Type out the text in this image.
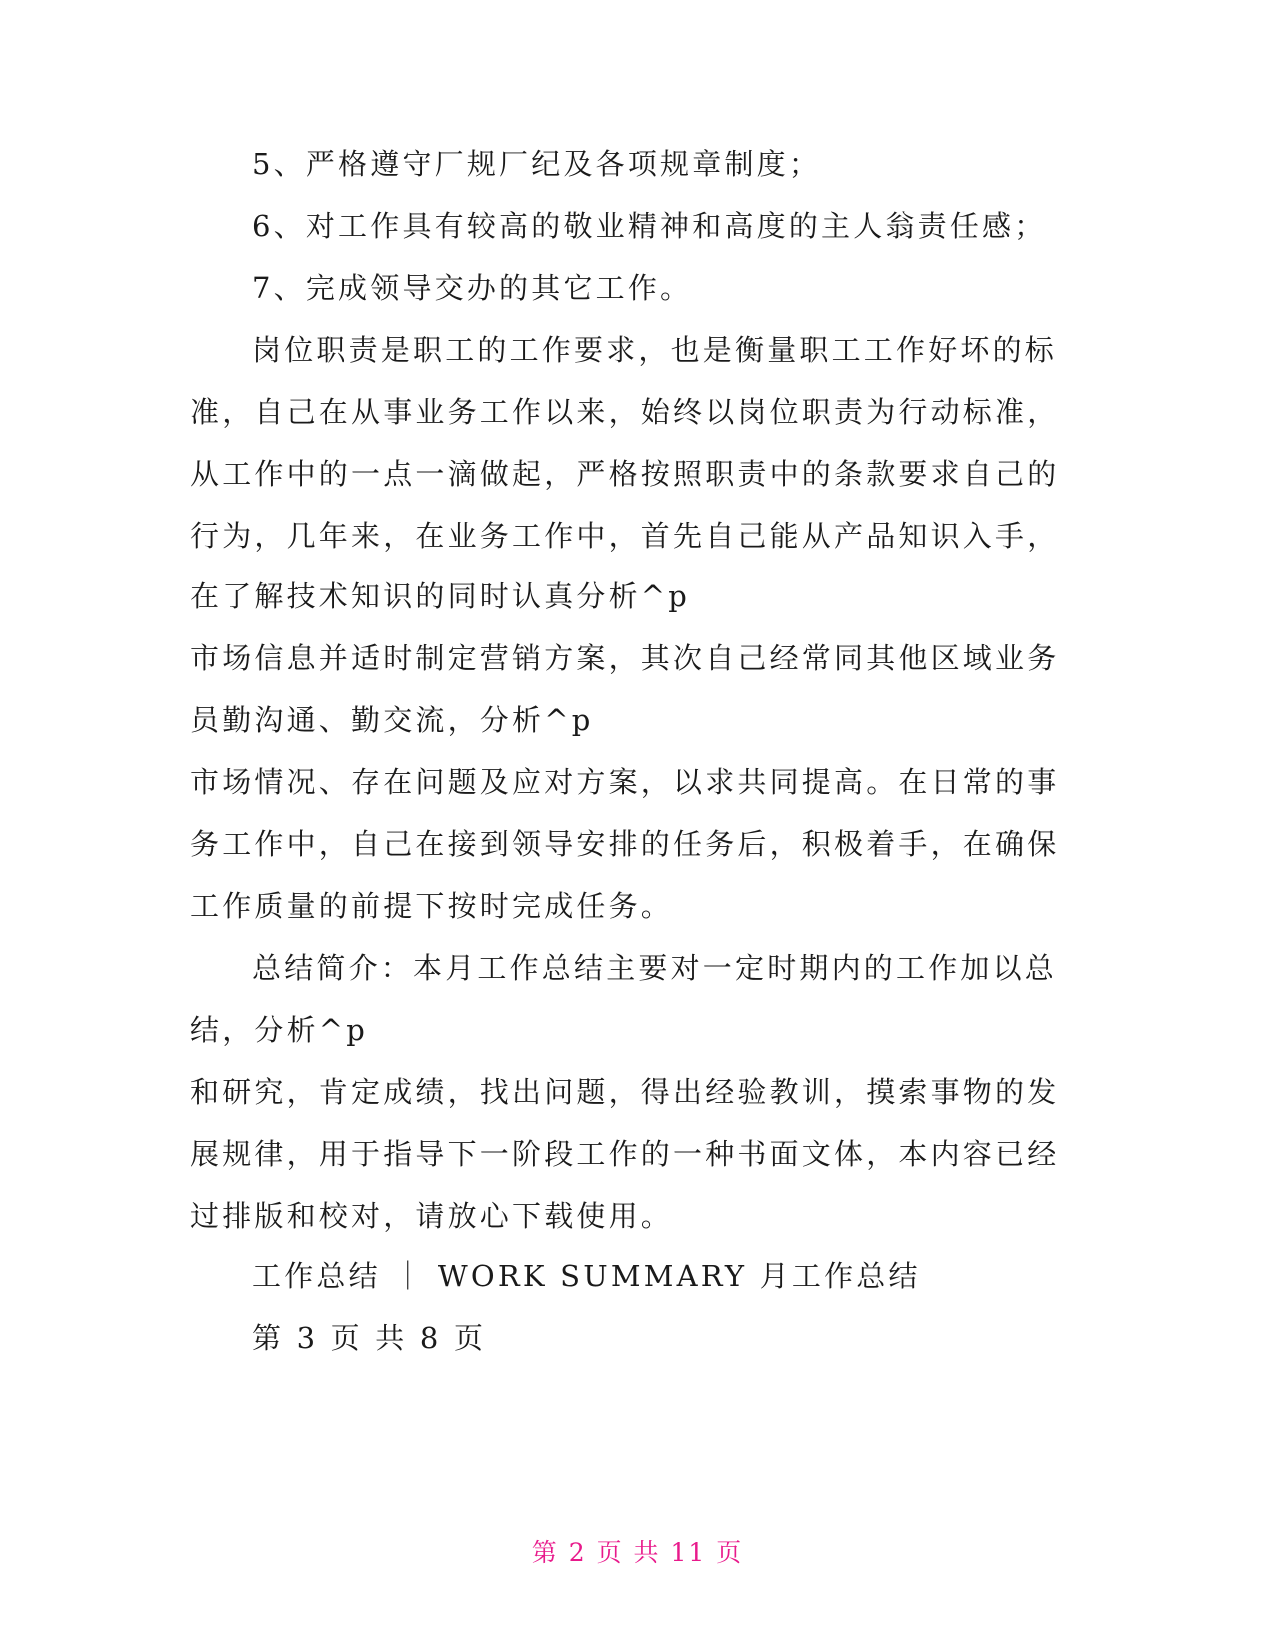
5、严格遵守厂规厂纪及各项规章制度；
6、对工作具有较高的敬业精神和高度的主人翁责任感；
7、完成领导交办的其它工作。
岗位职责是职工的工作要求，也是衡量职工工作好坏的标
准，自己在从事业务工作以来，始终以岗位职责为行动标准，
从工作中的一点一滴做起，严格按照职责中的条款要求自己的
行为，几年来，在业务工作中，首先自己能从产品知识入手，
在了解技术知识的同时认真分析^p
市场信息并适时制定营销方案，其次自己经常同其他区域业务
员勤沟通、勤交流，分析^p
市场情况、存在问题及应对方案，以求共同提高。在日常的事
务工作中，自己在接到领导安排的任务后，积极着手，在确保
工作质量的前提下按时完成任务。
总结简介：本月工作总结主要对一定时期内的工作加以总
结，分析^p
和研究，肯定成绩，找出问题，得出经验教训，摸索事物的发
展规律，用于指导下一阶段工作的一种书面文体，本内容已经
过排版和校对，请放心下载使用。
工作总结 ｜ WORK SUMMARY 月工作总结
第 3 页 共 8 页
第 2 页 共 11 页
